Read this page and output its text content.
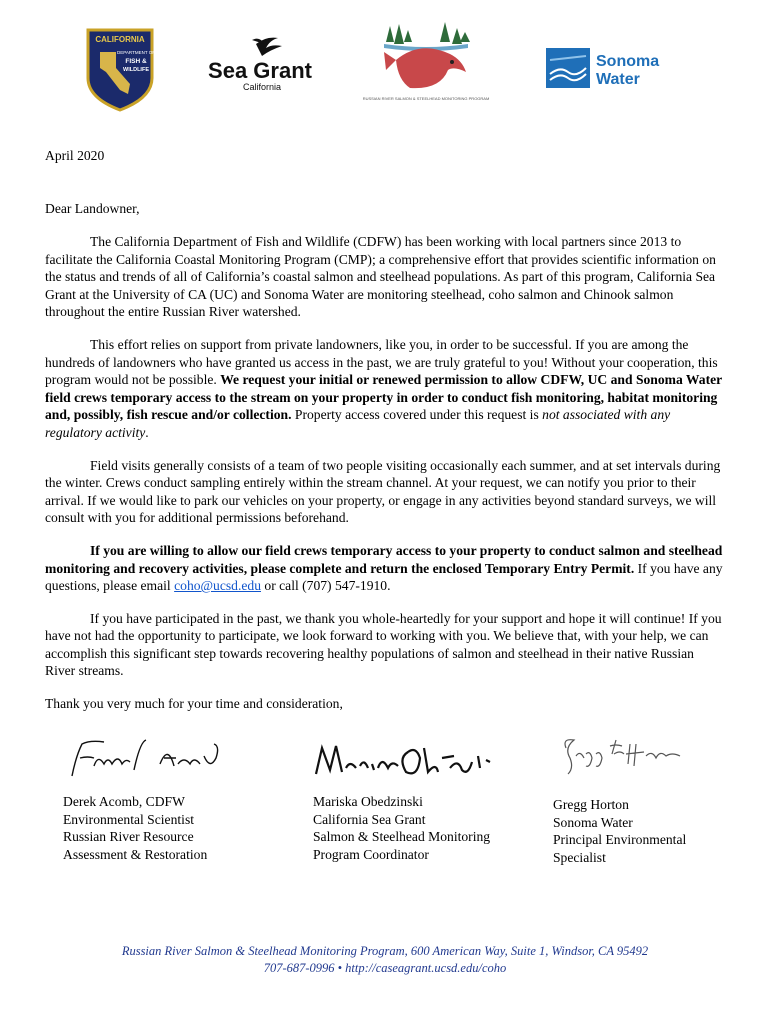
CALIFORNIA
DEPARTMENT OF
FISH &
WILDLIFE	Sea Grant
California
RUSSIAN RIVER SALMON & STEELHEAD MONITORING PROGRAM
Sonoma
Water
April 2020
Dear Landowner,

The California Department of Fish and Wildlife (CDFW) has been working with local partners since 2013 to facilitate the California Coastal Monitoring Program (CMP); a comprehensive effort that provides scientific information on the status and trends of all of California’s coastal salmon and steelhead populations. As part of this program, California Sea Grant at the University of CA (UC) and Sonoma Water are monitoring steelhead, coho salmon and Chinook salmon throughout the entire Russian River watershed.

This effort relies on support from private landowners, like you, in order to be successful. If you are among the hundreds of landowners who have granted us access in the past, we are truly grateful to you! Without your cooperation, this program would not be possible. We request your initial or renewed permission to allow CDFW, UC and Sonoma Water field crews temporary access to the stream on your property in order to conduct fish monitoring, habitat monitoring and, possibly, fish rescue and/or collection. Property access covered under this request is not associated with any regulatory activity.

Field visits generally consists of a team of two people visiting occasionally each summer, and at set intervals during the winter. Crews conduct sampling entirely within the stream channel. At your request, we can notify you prior to their arrival. If we would like to park our vehicles on your property, or engage in any activities beyond standard surveys, we will consult with you for additional permissions beforehand.

If you are willing to allow our field crews temporary access to your property to conduct salmon and steelhead monitoring and recovery activities, please complete and return the enclosed Temporary Entry Permit. If you have any questions, please email coho@ucsd.edu or call (707) 547-1910.

If you have participated in the past, we thank you whole-heartedly for your support and hope it will continue! If you have not had the opportunity to participate, we look forward to working with you. We believe that, with your help, we can accomplish this significant step towards recovering healthy populations of salmon and steelhead in their native Russian River streams.

Thank you very much for your time and consideration,

Derek Acomb, CDFW
Environmental Scientist
Russian River Resource
Assessment & Restoration
Mariska Obedzinski
California Sea Grant
Salmon & Steelhead Monitoring
Program Coordinator
Gregg Horton
Sonoma Water
Principal Environmental
Specialist
Russian River Salmon & Steelhead Monitoring Program, 600 American Way, Suite 1, Windsor, CA 95492
707-687-0996 • http://caseagrant.ucsd.edu/coho
